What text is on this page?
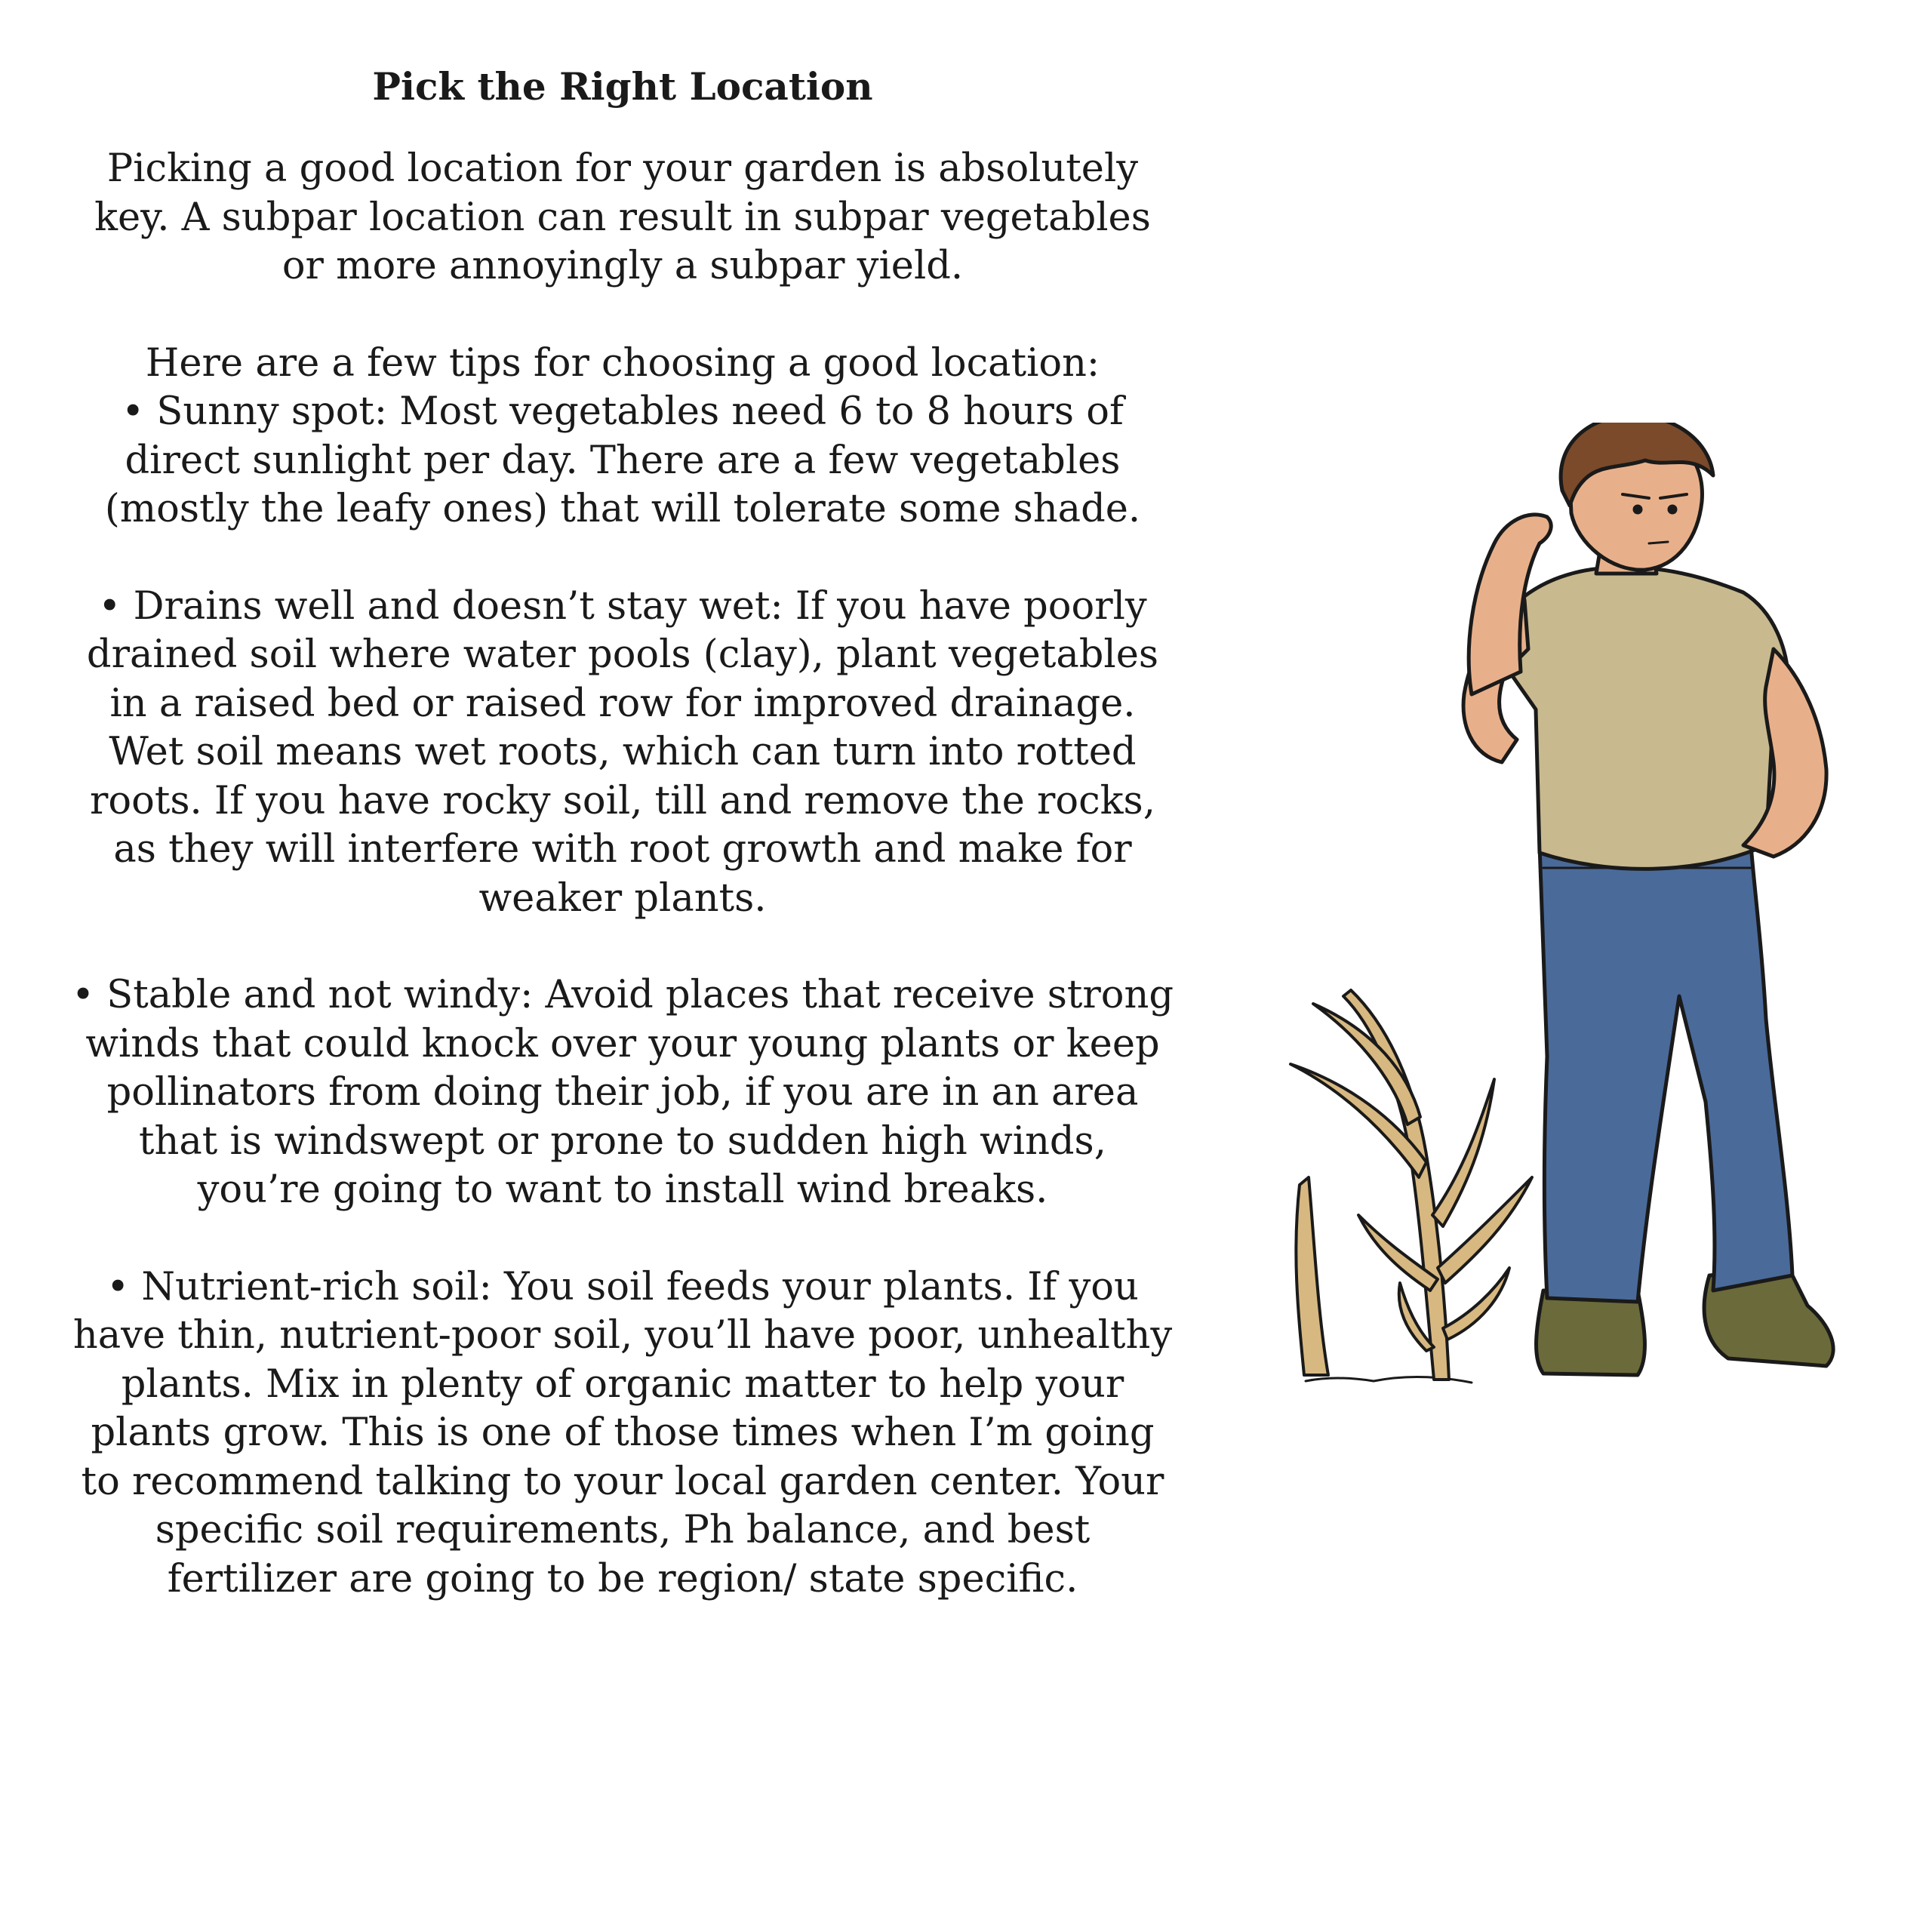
Pick the Right Location

Picking a good location for your garden is absolutely key. A subpar location can result in subpar vegetables or more annoyingly a subpar yield.

Here are a few tips for choosing a good location:

• Sunny spot: Most vegetables need 6 to 8 hours of direct sunlight per day. There are a few vegetables (mostly the leafy ones) that will tolerate some shade.

• Drains well and doesn’t stay wet: If you have poorly drained soil where water pools (clay), plant vegetables in a raised bed or raised row for improved drainage. Wet soil means wet roots, which can turn into rotted roots. If you have rocky soil, till and remove the rocks, as they will interfere with root growth and make for weaker plants.

• Stable and not windy: Avoid places that receive strong winds that could knock over your young plants or keep pollinators from doing their job, if you are in an area that is windswept or prone to sudden high winds, you’re going to want to install wind breaks.

• Nutrient-rich soil: You soil feeds your plants. If you have thin, nutrient-poor soil, you’ll have poor, unhealthy plants. Mix in plenty of organic matter to help your plants grow. This is one of those times when I’m going to recommend talking to your local garden center. Your specific soil requirements, Ph balance, and best fertilizer are going to be region/ state specific.
